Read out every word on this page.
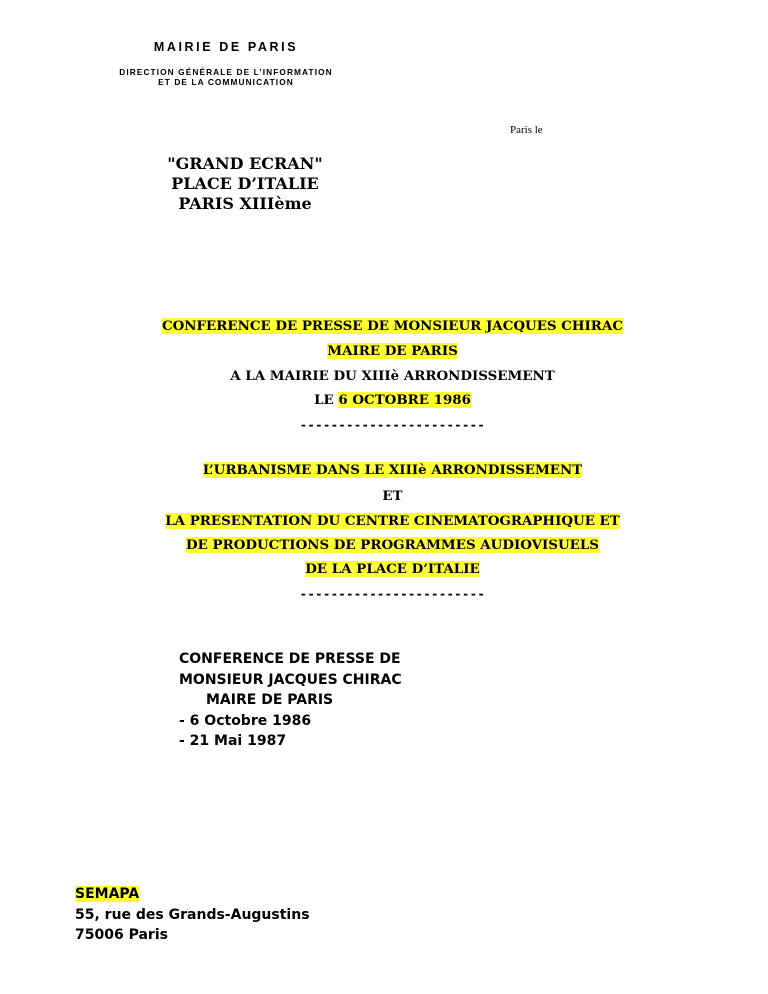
MAIRIE DE PARIS
DIRECTION GÉNÉRALE DE L’INFORMATION
ET DE LA COMMUNICATION
Paris le
"GRAND ECRAN"
PLACE D’ITALIE
PARIS XIIIème
CONFERENCE DE PRESSE DE MONSIEUR JACQUES CHIRAC
MAIRE DE PARIS
A LA MAIRIE DU XIIIè ARRONDISSEMENT
LE 6 OCTOBRE 1986
------------------------
L’URBANISME DANS LE XIIIè ARRONDISSEMENT
ET
LA PRESENTATION DU CENTRE CINEMATOGRAPHIQUE ET
DE PRODUCTIONS DE PROGRAMMES AUDIOVISUELS
DE LA PLACE D’ITALIE
------------------------
CONFERENCE DE PRESSE DE
MONSIEUR JACQUES CHIRAC
MAIRE DE PARIS
- 6 Octobre 1986
- 21 Mai 1987
SEMAPA
55, rue des Grands-Augustins
75006 Paris
